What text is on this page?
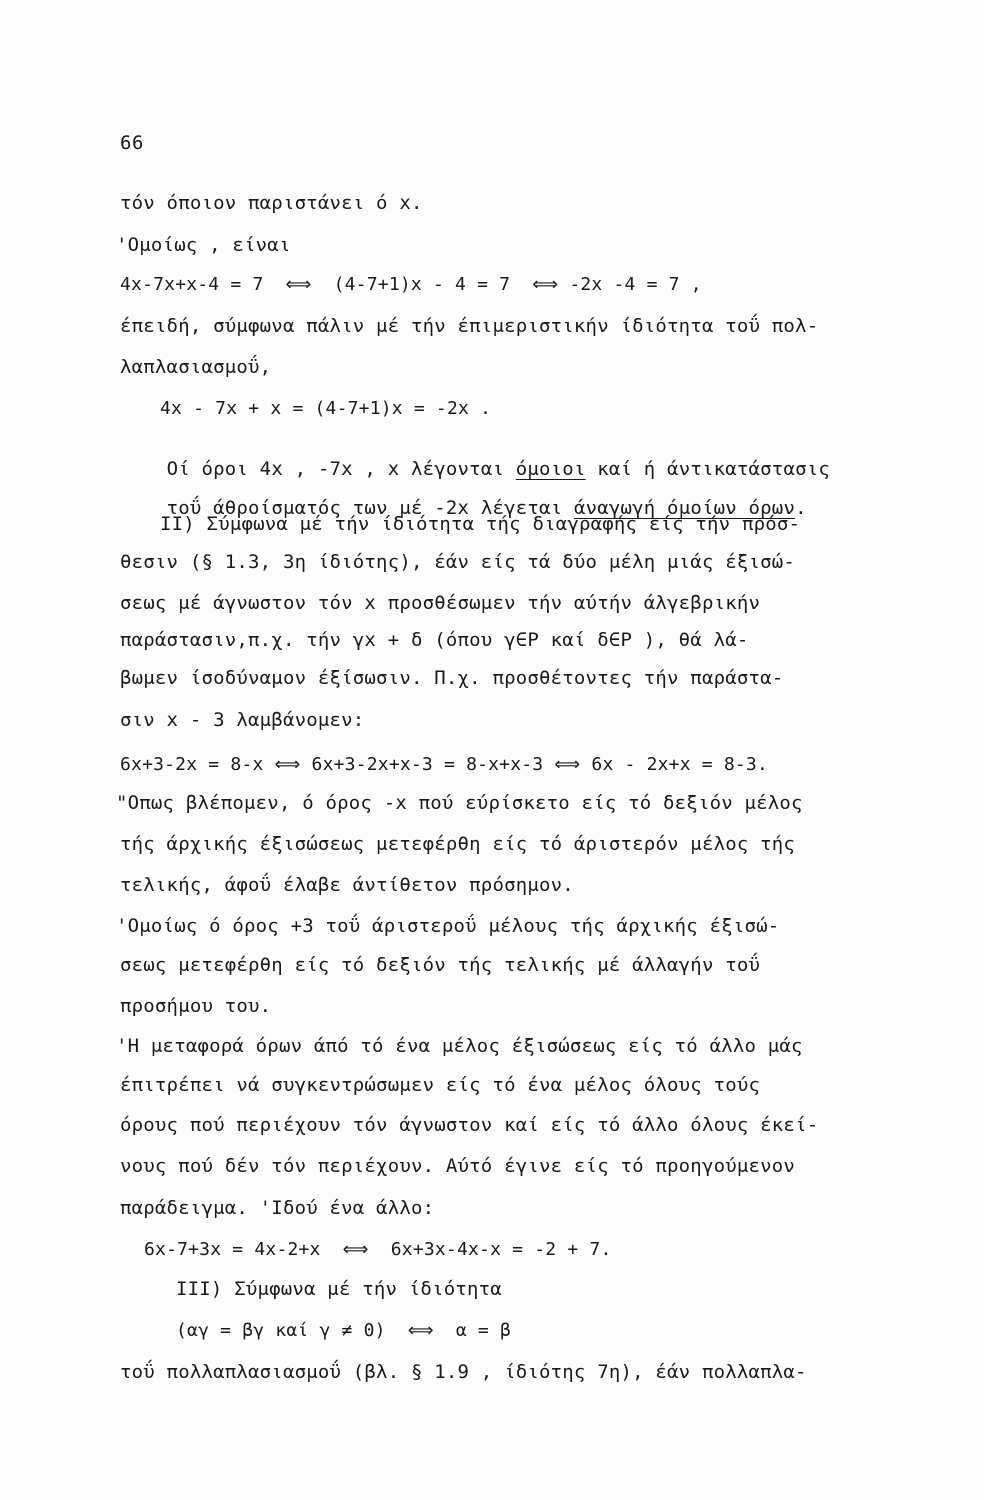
66
τόν όποιον παριστάνει ό x.
'Ομοίως , είναι
4x-7x+x-4 = 7  ⟺  (4-7+1)x - 4 = 7  ⟺ -2x -4 = 7 ,
έπειδή, σύμφωνα πάλιν μέ τήν έπιμεριστικήν ίδιότητα τοΰ πολ-
λαπλασιασμοΰ,
4x - 7x + x = (4-7+1)x = -2x .

Οί όροι 4x , -7x , x λέγονται όμοιοι καί ή άντικατάστασις

τοΰ άθροίσματός των μέ -2x λέγεται άναγωγή όμοίων όρων.

II) Σύμφωνα μέ τήν ίδιότητα τής διαγραφής είς τήν πρόσ-
θεσιν (§ 1.3, 3η ίδιότης), έάν είς τά δύο μέλη μιάς έξισώ-
σεως μέ άγνωστον τόν x προσθέσωμεν τήν αύτήν άλγεβρικήν
παράστασιν,π.χ. τήν γx + δ (όπου γ∈P καί δ∈P ), θά λά-
βωμεν ίσοδύναμον έξίσωσιν. Π.χ. προσθέτοντες τήν παράστα-
σιν x - 3 λαμβάνομεν:
6x+3-2x = 8-x ⟺ 6x+3-2x+x-3 = 8-x+x-3 ⟺ 6x - 2x+x = 8-3.
"Οπως βλέπομεν, ό όρος -x πού εύρίσκετο είς τό δεξιόν μέλος
τής άρχικής έξισώσεως μετεφέρθη είς τό άριστερόν μέλος τής
τελικής, άφοΰ έλαβε άντίθετον πρόσημον.
'Ομοίως ό όρος +3 τοΰ άριστεροΰ μέλους τής άρχικής έξισώ-
σεως μετεφέρθη είς τό δεξιόν τής τελικής μέ άλλαγήν τοΰ
προσήμου του.
'Η μεταφορά όρων άπό τό ένα μέλος έξισώσεως είς τό άλλο μάς
έπιτρέπει νά συγκεντρώσωμεν είς τό ένα μέλος όλους τούς
όρους πού περιέχουν τόν άγνωστον καί είς τό άλλο όλους έκεί-
νους πού δέν τόν περιέχουν. Αύτό έγινε είς τό προηγούμενον
παράδειγμα. 'Ιδού ένα άλλο:
6x-7+3x = 4x-2+x  ⟺  6x+3x-4x-x = -2 + 7.
III) Σύμφωνα μέ τήν ίδιότητα
(αγ = βγ καί γ ≠ 0)  ⟺  α = β
τοΰ πολλαπλασιασμοΰ (βλ. § 1.9 , ίδιότης 7η), έάν πολλαπλα-
